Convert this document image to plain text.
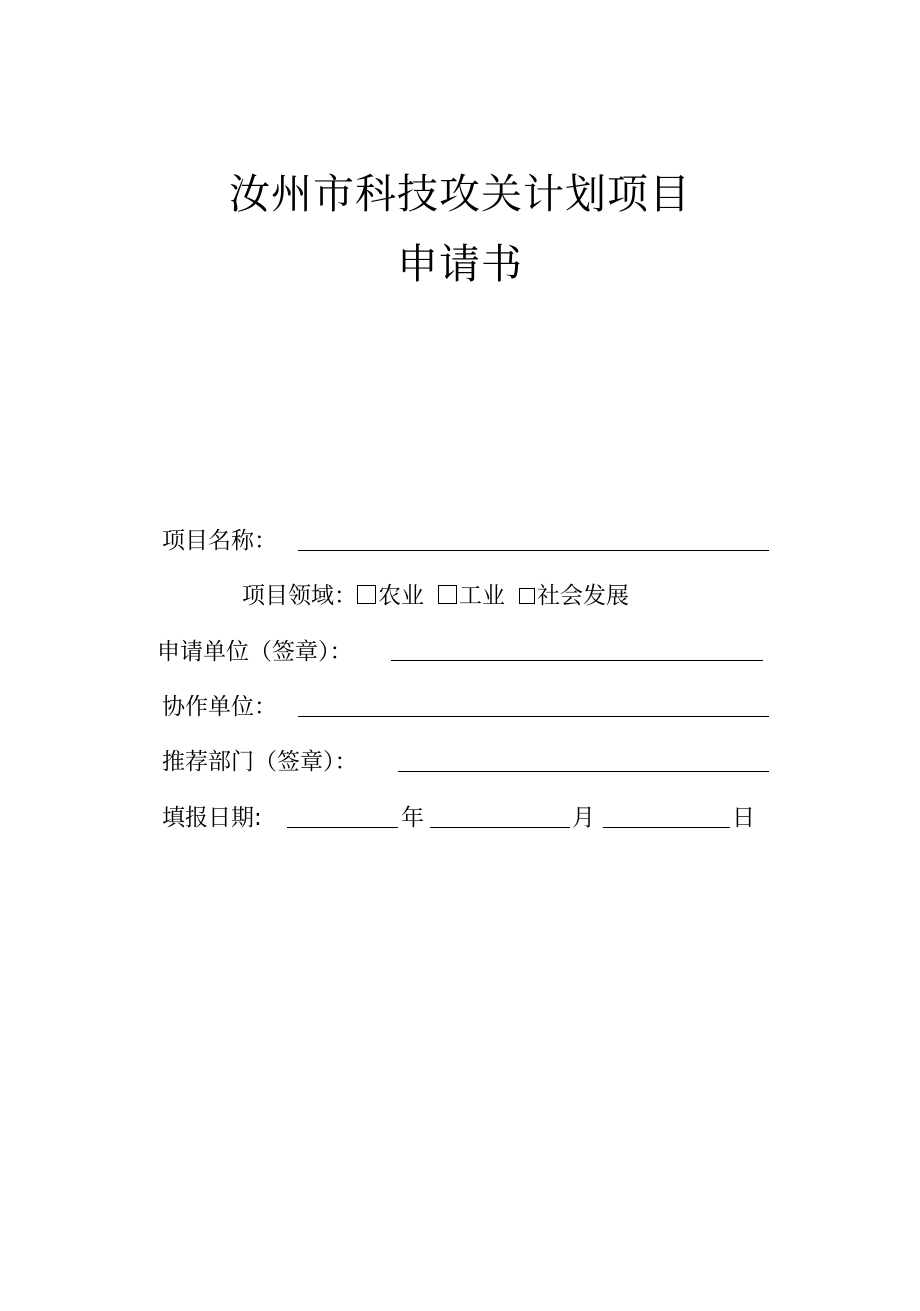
汝州市科技攻关计划项目
申请书
项目名称：
项目领域： 农业 工业 社会发展
申请单位（签章）：
协作单位：
推荐部门（签章）：
填报日期:	年	月	日
